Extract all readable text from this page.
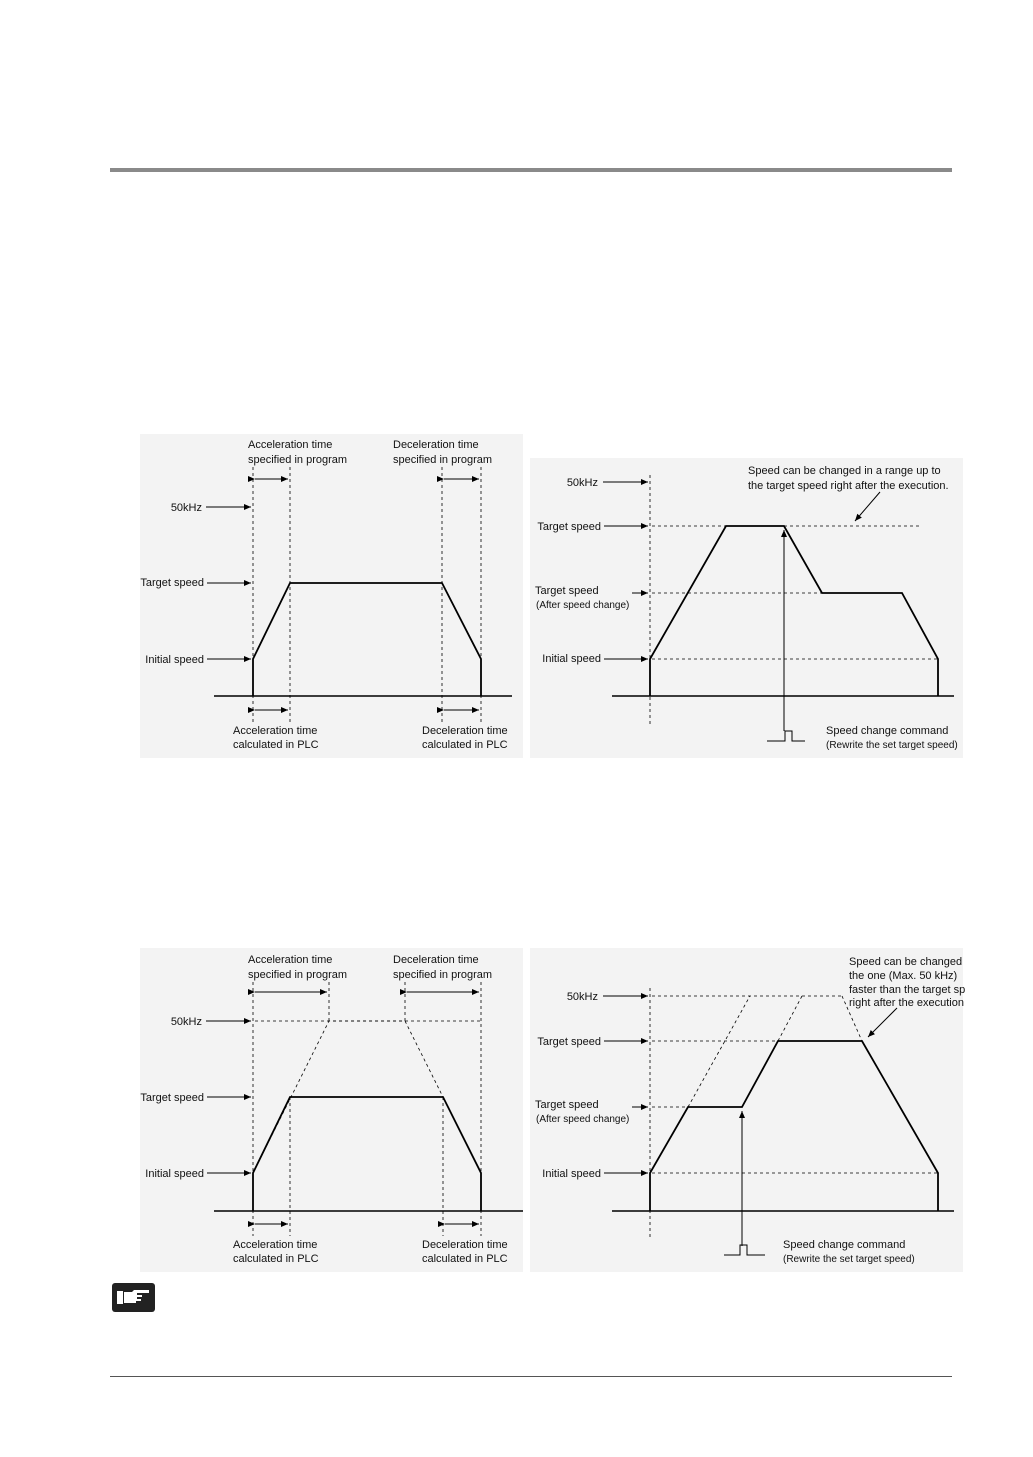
Acceleration time
specified in program
Deceleration time
specified in program
50kHz
Target speed
Initial speed
Acceleration time
calculated in PLC
Deceleration time
calculated in PLC
50kHz
Speed can be changed in a range up to
the target speed right after the execution.
Target speed
Target speed
(After speed change)
Initial speed
Speed change command
(Rewrite the set target speed)
Acceleration time
specified in program
Deceleration time
specified in program
50kHz
Target speed
Initial speed
Acceleration time
calculated in PLC
Deceleration time
calculated in PLC
Speed can be changed
the one (Max. 50 kHz)
faster than the target sp
right after the execution
50kHz
Target speed
Target speed
(After speed change)
Initial speed
Speed change command
(Rewrite the set target speed)
